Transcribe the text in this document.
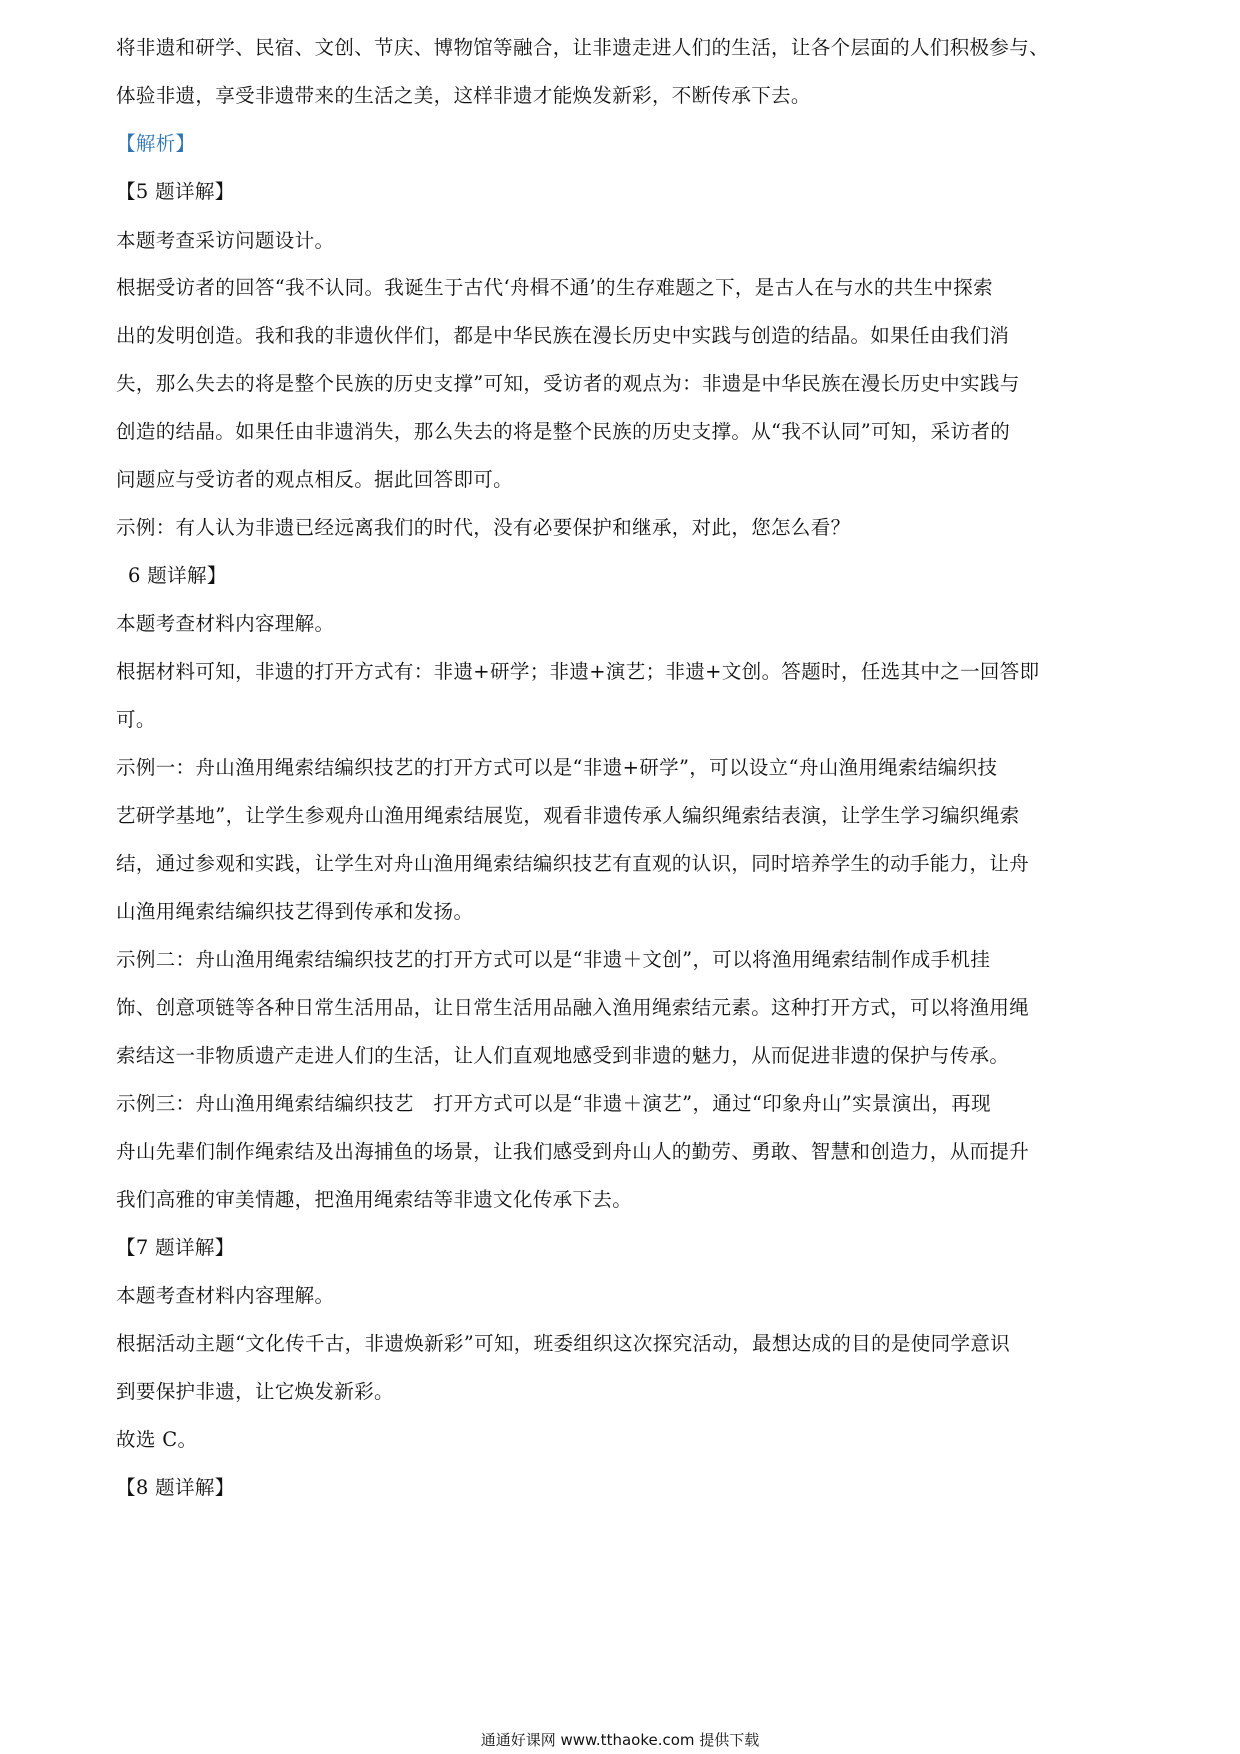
将非遗和研学、民宿、文创、节庆、博物馆等融合，让非遗走进人们的生活，让各个层面的人们积极参与、
体验非遗，享受非遗带来的生活之美，这样非遗才能焕发新彩，不断传承下去。
【解析】
【5 题详解】
本题考查采访问题设计。
根据受访者的回答“我不认同。我诞生于古代‘舟楫不通’的生存难题之下，是古人在与水的共生中探索
出的发明创造。我和我的非遗伙伴们，都是中华民族在漫长历史中实践与创造的结晶。如果任由我们消
失，那么失去的将是整个民族的历史支撑”可知，受访者的观点为：非遗是中华民族在漫长历史中实践与
创造的结晶。如果任由非遗消失，那么失去的将是整个民族的历史支撑。从“我不认同”可知，采访者的
问题应与受访者的观点相反。据此回答即可。
示例：有人认为非遗已经远离我们的时代，没有必要保护和继承，对此，您怎么看？
6 题详解】
本题考查材料内容理解。
根据材料可知，非遗的打开方式有：非遗+研学；非遗+演艺；非遗+文创。答题时，任选其中之一回答即
可。
示例一：舟山渔用绳索结编织技艺的打开方式可以是“非遗+研学”，可以设立“舟山渔用绳索结编织技
艺研学基地”，让学生参观舟山渔用绳索结展览，观看非遗传承人编织绳索结表演，让学生学习编织绳索
结，通过参观和实践，让学生对舟山渔用绳索结编织技艺有直观的认识，同时培养学生的动手能力，让舟
山渔用绳索结编织技艺得到传承和发扬。
示例二：舟山渔用绳索结编织技艺的打开方式可以是“非遗＋文创”，可以将渔用绳索结制作成手机挂
饰、创意项链等各种日常生活用品，让日常生活用品融入渔用绳索结元素。这种打开方式，可以将渔用绳
索结这一非物质遗产走进人们的生活，让人们直观地感受到非遗的魅力，从而促进非遗的保护与传承。
示例三：舟山渔用绳索结编织技艺　打开方式可以是“非遗＋演艺”，通过“印象舟山”实景演出，再现
舟山先辈们制作绳索结及出海捕鱼的场景，让我们感受到舟山人的勤劳、勇敢、智慧和创造力，从而提升
我们高雅的审美情趣，把渔用绳索结等非遗文化传承下去。
【7 题详解】
本题考查材料内容理解。
根据活动主题“文化传千古，非遗焕新彩”可知，班委组织这次探究活动，最想达成的目的是使同学意识
到要保护非遗，让它焕发新彩。
故选 C。
【8 题详解】
通通好课网 www.tthaoke.com 提供下载
